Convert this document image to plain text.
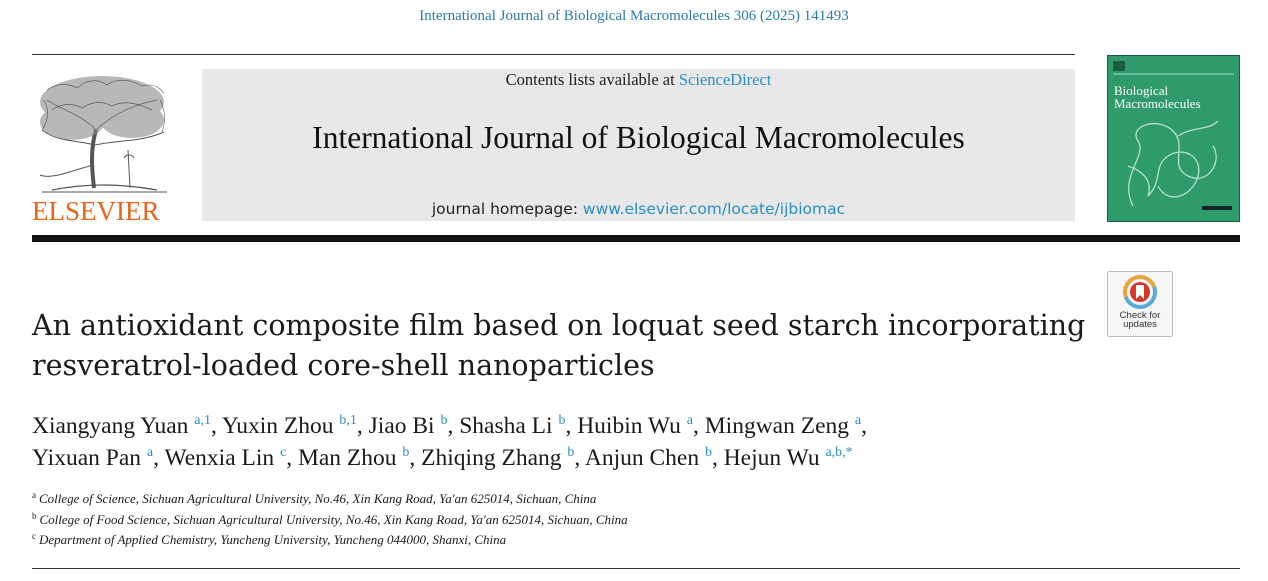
International Journal of Biological Macromolecules 306 (2025) 141493
ELSEVIER
Contents lists available at ScienceDirect
International Journal of Biological Macromolecules
journal homepage: www.elsevier.com/locate/ijbiomac
Biological
Macromolecules
Check for
updates
An antioxidant composite film based on loquat seed starch incorporating
resveratrol-loaded core-shell nanoparticles
Xiangyang Yuan $^{a,1}$, Yuxin Zhou $^{b,1}$, Jiao Bi $^b$, Shasha Li $^b$, Huibin Wu $^a$, Mingwan Zeng $^a$,
Yixuan Pan $^a$, Wenxia Lin $^c$, Man Zhou $^b$, Zhiqing Zhang $^b$, Anjun Chen $^b$, Hejun Wu $^{a,b,*}$
$^a$ College of Science, Sichuan Agricultural University, No.46, Xin Kang Road, Ya'an 625014, Sichuan, China
$^b$ College of Food Science, Sichuan Agricultural University, No.46, Xin Kang Road, Ya'an 625014, Sichuan, China
$^c$ Department of Applied Chemistry, Yuncheng University, Yuncheng 044000, Shanxi, China
